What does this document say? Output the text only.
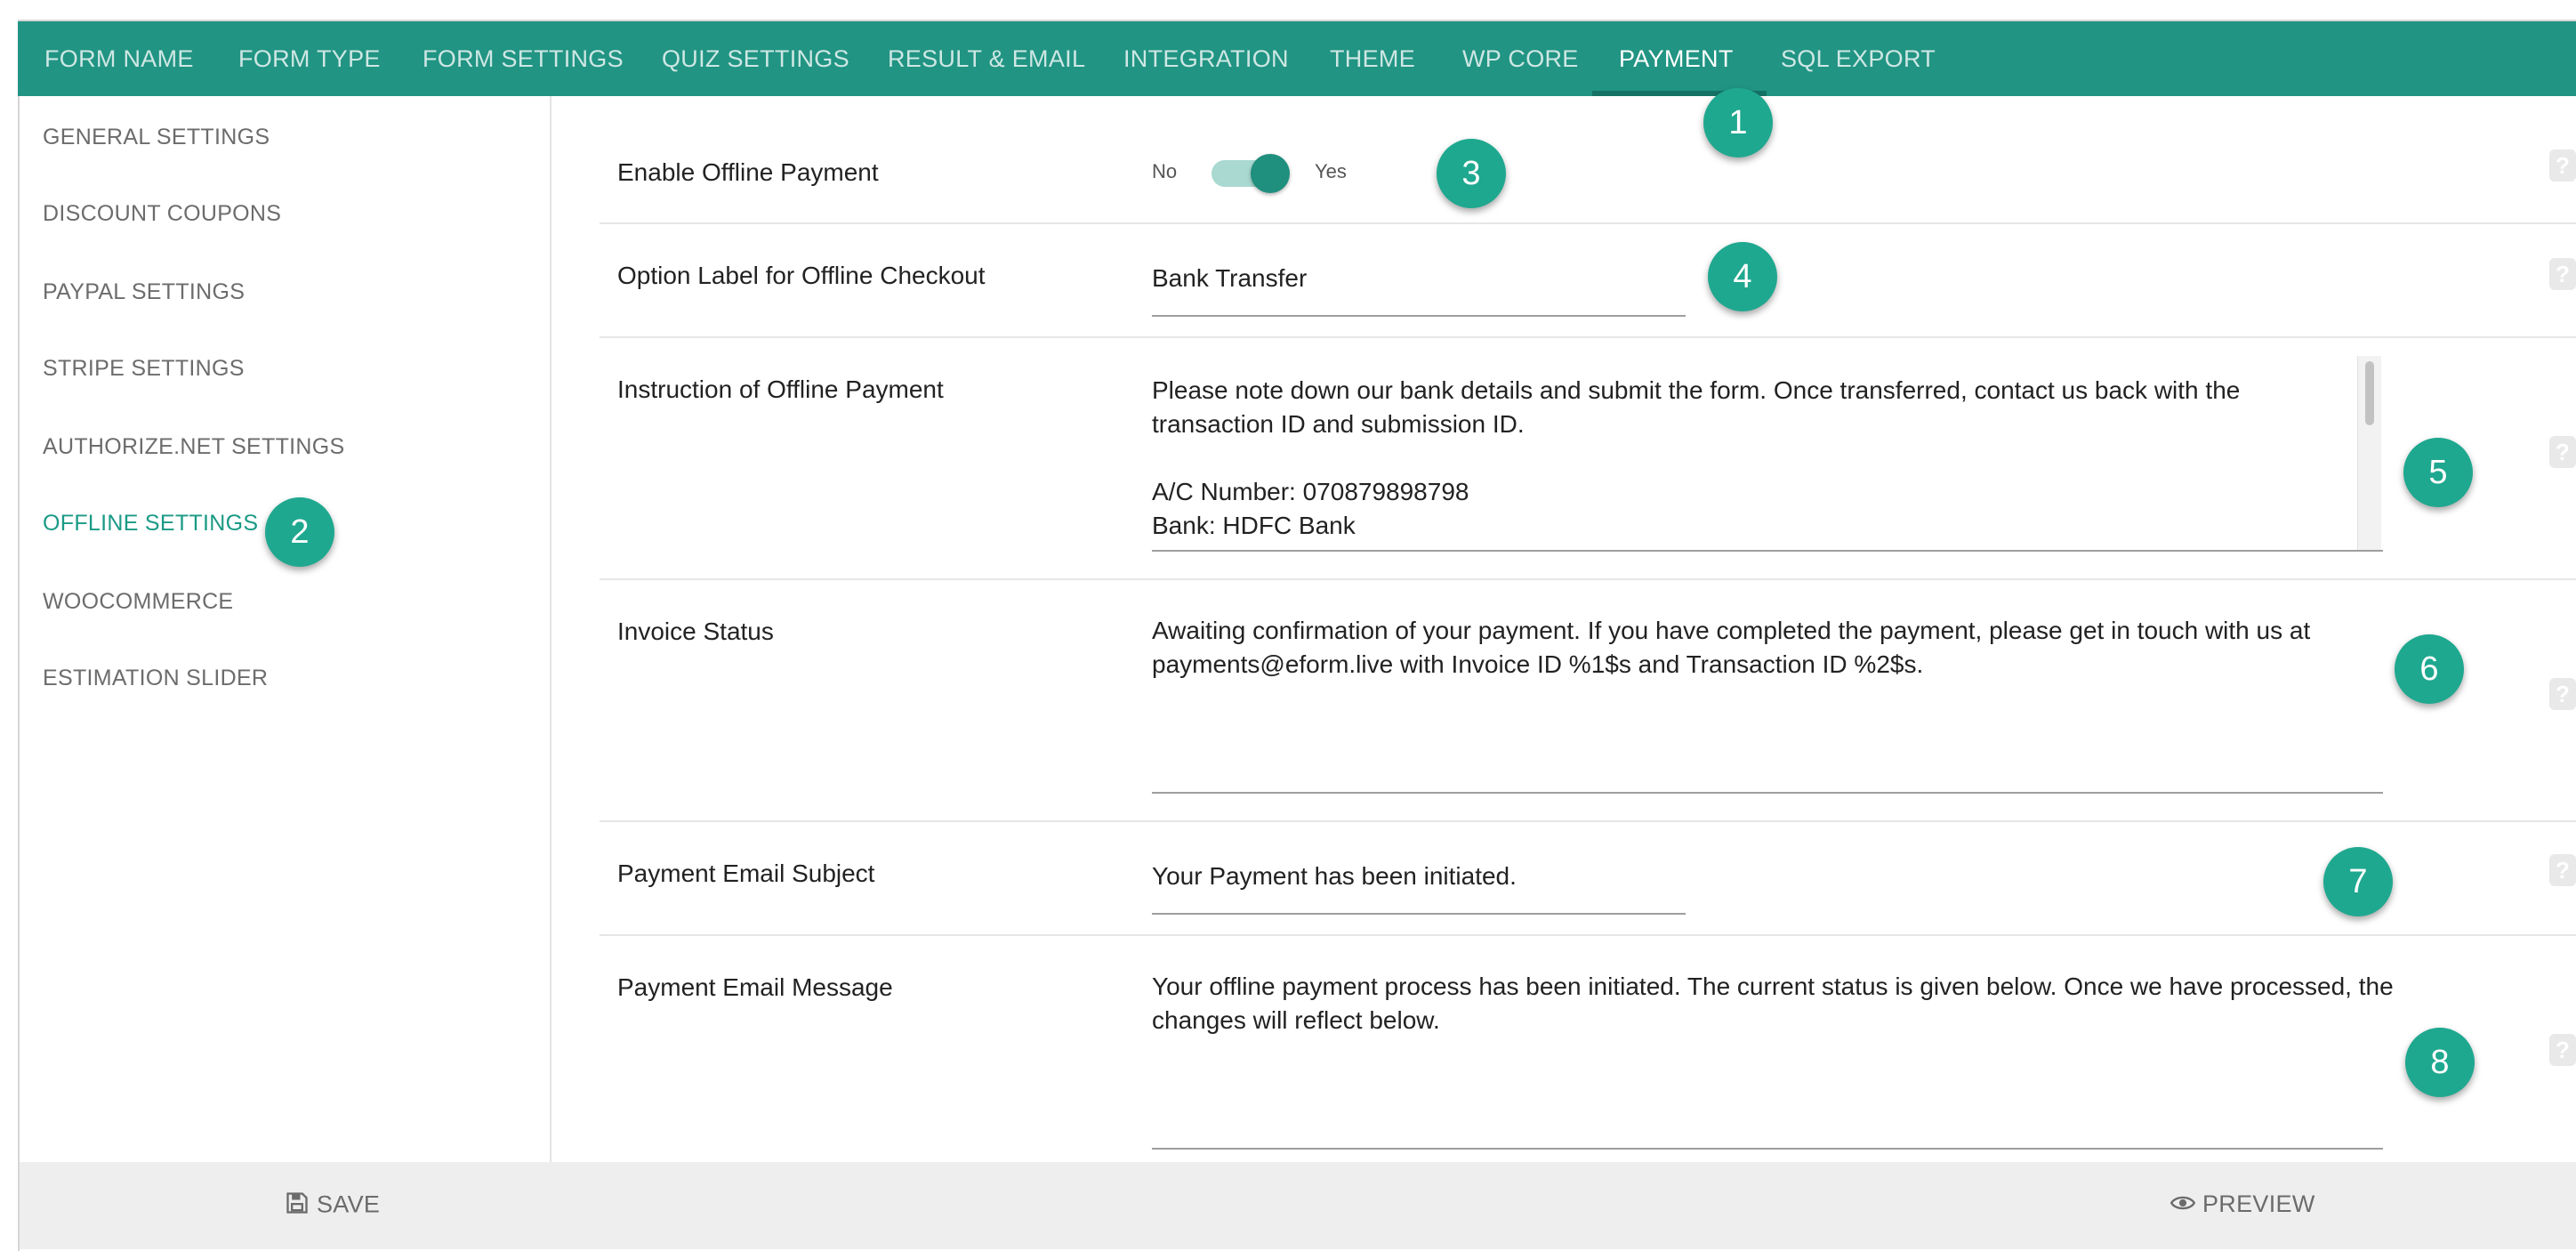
FORM NAME FORM TYPE FORM SETTINGS QUIZ SETTINGS RESULT & EMAIL INTEGRATION THEME WP CORE PAYMENT SQL EXPORT
GENERAL SETTINGS
DISCOUNT COUPONS
PAYPAL SETTINGS
STRIPE SETTINGS
AUTHORIZE.NET SETTINGS
OFFLINE SETTINGS
WOOCOMMERCE
ESTIMATION SLIDER
Enable Offline Payment	No	Yes
Option Label for Offline Checkout	Bank Transfer
Instruction of Offline Payment	Please note down our bank details and submit the form. Once transferred, contact us back with the
transaction ID and submission ID.
A/C Number: 070879898798
Bank: HDFC Bank
Invoice Status	Awaiting confirmation of your payment. If you have completed the payment, please get in touch with us at
payments@eform.live with Invoice ID %1$s and Transaction ID %2$s.
Payment Email Subject	Your Payment has been initiated.
Payment Email Message	Your offline payment process has been initiated. The current status is given below. Once we have processed, the
changes will reflect below.
?
?
?
?
?
?
1
2
3
4
5
6
7
8
SAVE	PREVIEW
